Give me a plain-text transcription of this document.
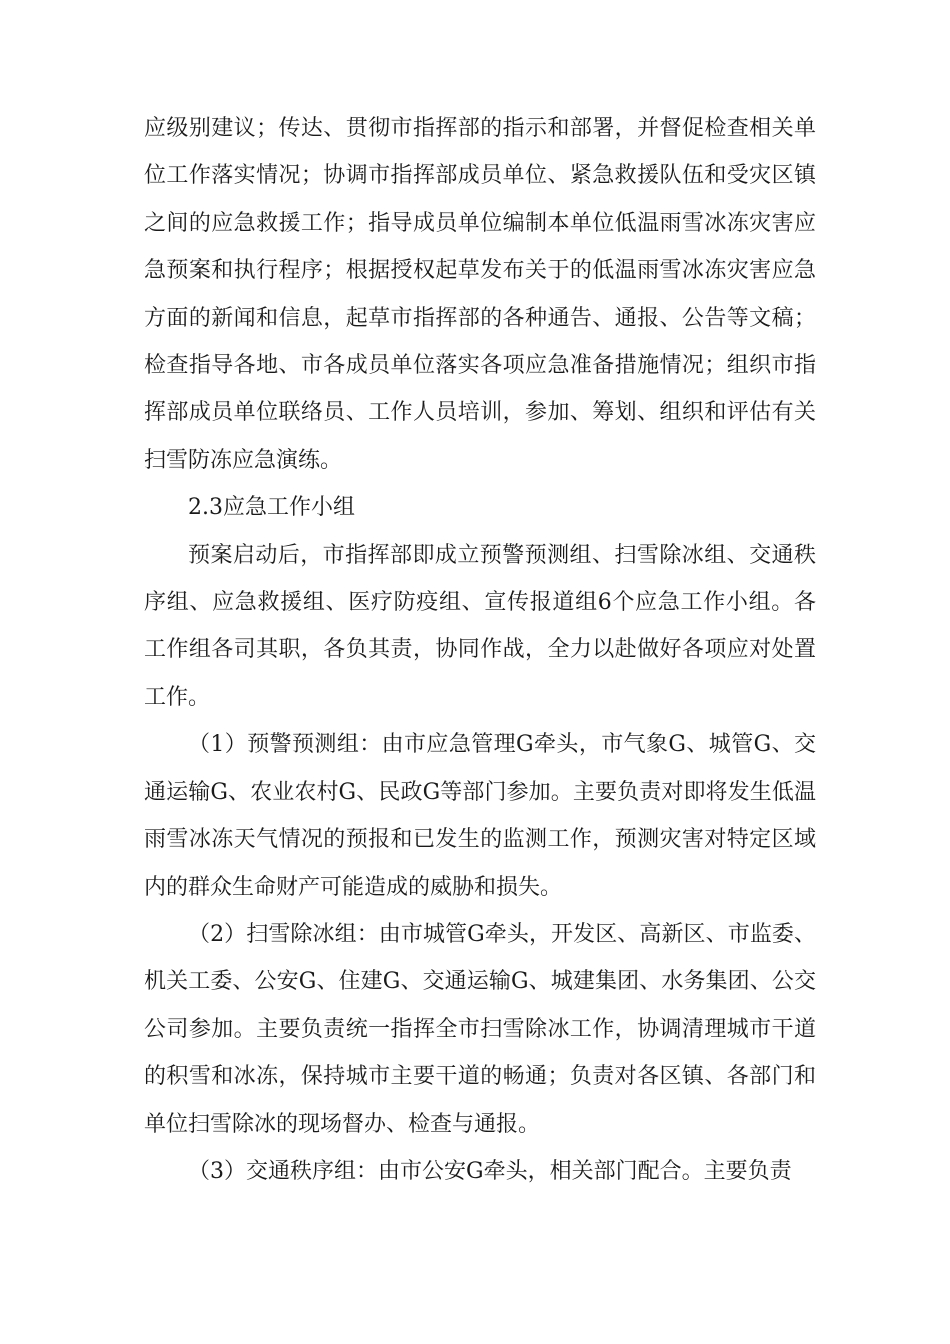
应级别建议；传达、贯彻市指挥部的指示和部署，并督促检查相关单位工作落实情况；协调市指挥部成员单位、紧急救援队伍和受灾区镇之间的应急救援工作；指导成员单位编制本单位低温雨雪冰冻灾害应急预案和执行程序；根据授权起草发布关于的低温雨雪冰冻灾害应急方面的新闻和信息，起草市指挥部的各种通告、通报、公告等文稿；检查指导各地、市各成员单位落实各项应急准备措施情况；组织市指挥部成员单位联络员、工作人员培训，参加、筹划、组织和评估有关扫雪防冻应急演练。

2.3应急工作小组

预案启动后，市指挥部即成立预警预测组、扫雪除冰组、交通秩序组、应急救援组、医疗防疫组、宣传报道组6个应急工作小组。各工作组各司其职，各负其责，协同作战，全力以赴做好各项应对处置工作。

（1）预警预测组：由市应急管理G牵头，市气象G、城管G、交通运输G、农业农村G、民政G等部门参加。主要负责对即将发生低温雨雪冰冻天气情况的预报和已发生的监测工作，预测灾害对特定区域内的群众生命财产可能造成的威胁和损失。

（2）扫雪除冰组：由市城管G牵头，开发区、高新区、市监委、机关工委、公安G、住建G、交通运输G、城建集团、水务集团、公交公司参加。主要负责统一指挥全市扫雪除冰工作，协调清理城市干道的积雪和冰冻，保持城市主要干道的畅通；负责对各区镇、各部门和单位扫雪除冰的现场督办、检查与通报。

（3）交通秩序组：由市公安G牵头，相关部门配合。主要负责
